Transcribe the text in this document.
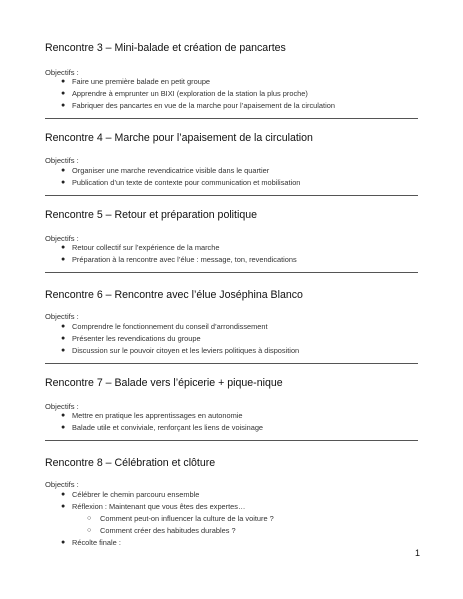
Rencontre 3 – Mini-balade et création de pancartes
Objectifs :
● Faire une première balade en petit groupe
● Apprendre à emprunter un BIXI (exploration de la station la plus proche)
● Fabriquer des pancartes en vue de la marche pour l’apaisement de la circulation
Rencontre 4 – Marche pour l’apaisement de la circulation
Objectifs :
● Organiser une marche revendicatrice visible dans le quartier
● Publication d’un texte de contexte pour communication et mobilisation
Rencontre 5 – Retour et préparation politique
Objectifs :
● Retour collectif sur l’expérience de la marche
● Préparation à la rencontre avec l’élue : message, ton, revendications
Rencontre 6 – Rencontre avec l’élue Joséphina Blanco
Objectifs :
● Comprendre le fonctionnement du conseil d’arrondissement
● Présenter les revendications du groupe
● Discussion sur le pouvoir citoyen et les leviers politiques à disposition
Rencontre 7 – Balade vers l’épicerie + pique-nique
Objectifs :
● Mettre en pratique les apprentissages en autonomie
● Balade utile et conviviale, renforçant les liens de voisinage
Rencontre 8 – Célébration et clôture
Objectifs :
● Célébrer le chemin parcouru ensemble
● Réflexion : Maintenant que vous êtes des expertes…
○ Comment peut-on influencer la culture de la voiture ?
○ Comment créer des habitudes durables ?
● Récolte finale :
1
